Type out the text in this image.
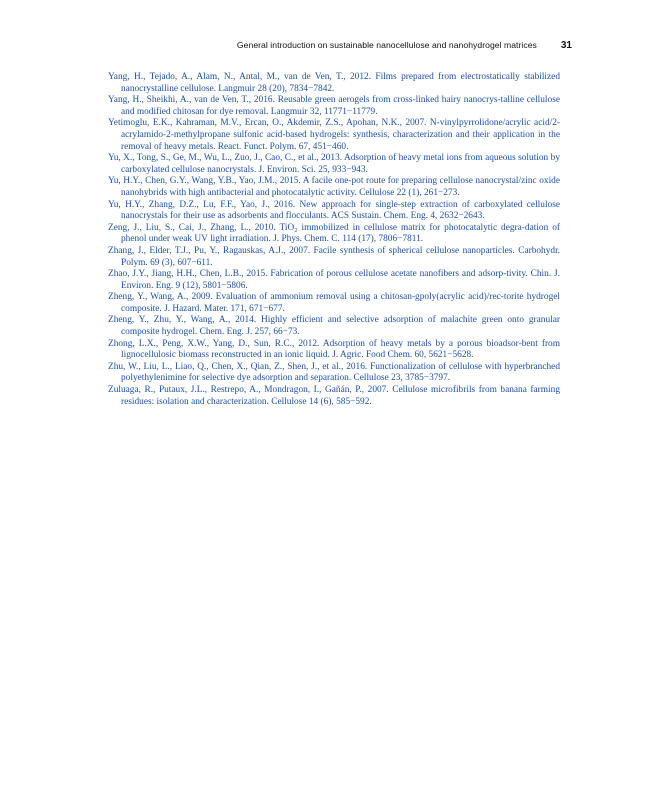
General introduction on sustainable nanocellulose and nanohydrogel matrices 31
Yang, H., Tejado, A., Alam, N., Antal, M., van de Ven, T., 2012. Films prepared from electrostatically stabilized nanocrystalline cellulose. Langmuir 28 (20), 7834−7842.
Yang, H., Sheikhi, A., van de Ven, T., 2016. Reusable green aerogels from cross-linked hairy nanocrys-talline cellulose and modified chitosan for dye removal. Langmuir 32, 11771−11779.
Yetimoglu, E.K., Kahraman, M.V., Ercan, O., Akdemir, Z.S., Apohan, N.K., 2007. N-vinylpyrrolidone/acrylic acid/2-acrylamido-2-methylpropane sulfonic acid-based hydrogels: synthesis, characterization and their application in the removal of heavy metals. React. Funct. Polym. 67, 451−460.
Yu, X., Tong, S., Ge, M., Wu, L., Zuo, J., Cao, C., et al., 2013. Adsorption of heavy metal ions from aqueous solution by carboxylated cellulose nanocrystals. J. Environ. Sci. 25, 933−943.
Yu, H.Y., Chen, G.Y., Wang, Y.B., Yao, J.M., 2015. A facile one-pot route for preparing cellulose nanocrystal/zinc oxide nanohybrids with high antibacterial and photocatalytic activity. Cellulose 22 (1), 261−273.
Yu, H.Y., Zhang, D.Z., Lu, F.F., Yao, J., 2016. New approach for single-step extraction of carboxylated cellulose nanocrystals for their use as adsorbents and flocculants. ACS Sustain. Chem. Eng. 4, 2632−2643.
Zeng, J., Liu, S., Cai, J., Zhang, L., 2010. TiO₂ immobilized in cellulose matrix for photocatalytic degra-dation of phenol under weak UV light irradiation. J. Phys. Chem. C. 114 (17), 7806−7811.
Zhang, J., Elder, T.J., Pu, Y., Ragauskas, A.J., 2007. Facile synthesis of spherical cellulose nanoparticles. Carbohydr. Polym. 69 (3), 607−611.
Zhao, J.Y., Jiang, H.H., Chen, L.B., 2015. Fabrication of porous cellulose acetate nanofibers and adsorp-tivity. Chin. J. Environ. Eng. 9 (12), 5801−5806.
Zheng, Y., Wang, A., 2009. Evaluation of ammonium removal using a chitosan-gpoly(acrylic acid)/rec-torite hydrogel composite. J. Hazard. Mater. 171, 671−677.
Zheng, Y., Zhu, Y., Wang, A., 2014. Highly efficient and selective adsorption of malachite green onto granular composite hydrogel. Chem. Eng. J. 257, 66−73.
Zhong, L.X., Peng, X.W., Yang, D., Sun, R.C., 2012. Adsorption of heavy metals by a porous bioadsor-bent from lignocellulosic biomass reconstructed in an ionic liquid. J. Agric. Food Chem. 60, 5621−5628.
Zhu, W., Liu, L., Liao, Q., Chen, X., Qian, Z., Shen, J., et al., 2016. Functionalization of cellulose with hyperbranched polyethylenimine for selective dye adsorption and separation. Cellulose 23, 3785−3797.
Zuluaga, R., Putaux, J.L., Restrepo, A., Mondragon, I., Gañán, P., 2007. Cellulose microfibrils from banana farming residues: isolation and characterization. Cellulose 14 (6), 585−592.
